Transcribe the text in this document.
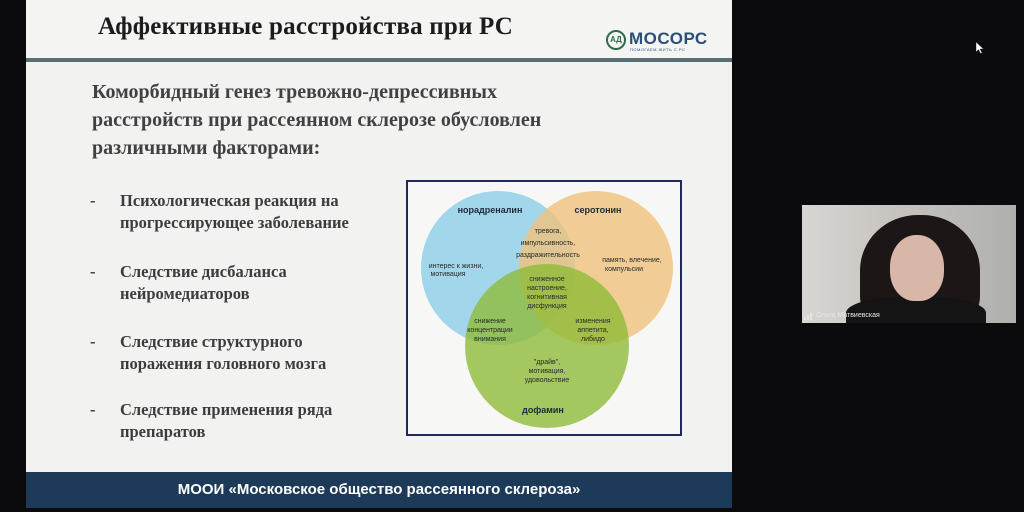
Аффективные расстройства при РС	АД МОСОРС
ПОМОГАЕМ ЖИТЬ С РС
Коморбидный генез тревожно-депрессивных
расстройств при рассеянном склерозе обусловлен
различными факторами:
-	Психологическая реакция на
прогрессирующее заболевание
-	Следствие дисбаланса
нейромедиаторов
-	Следствие структурного
поражения головного мозга
-	Следствие применения ряда
препаратов
норадреналин	серотонин
дофамин
интерес к жизни,
мотивация
память, влечение,
компульсии
тревога,
импульсивность,
раздражительность
сниженное
настроение,
когнитивная
дисфункция
снижение
концентрации
внимания
изменения
аппетита,
либидо
"драйв",
мотивация,
удовольствие
МООИ «Московское общество рассеянного склероза»
Ольга Матвиевская
